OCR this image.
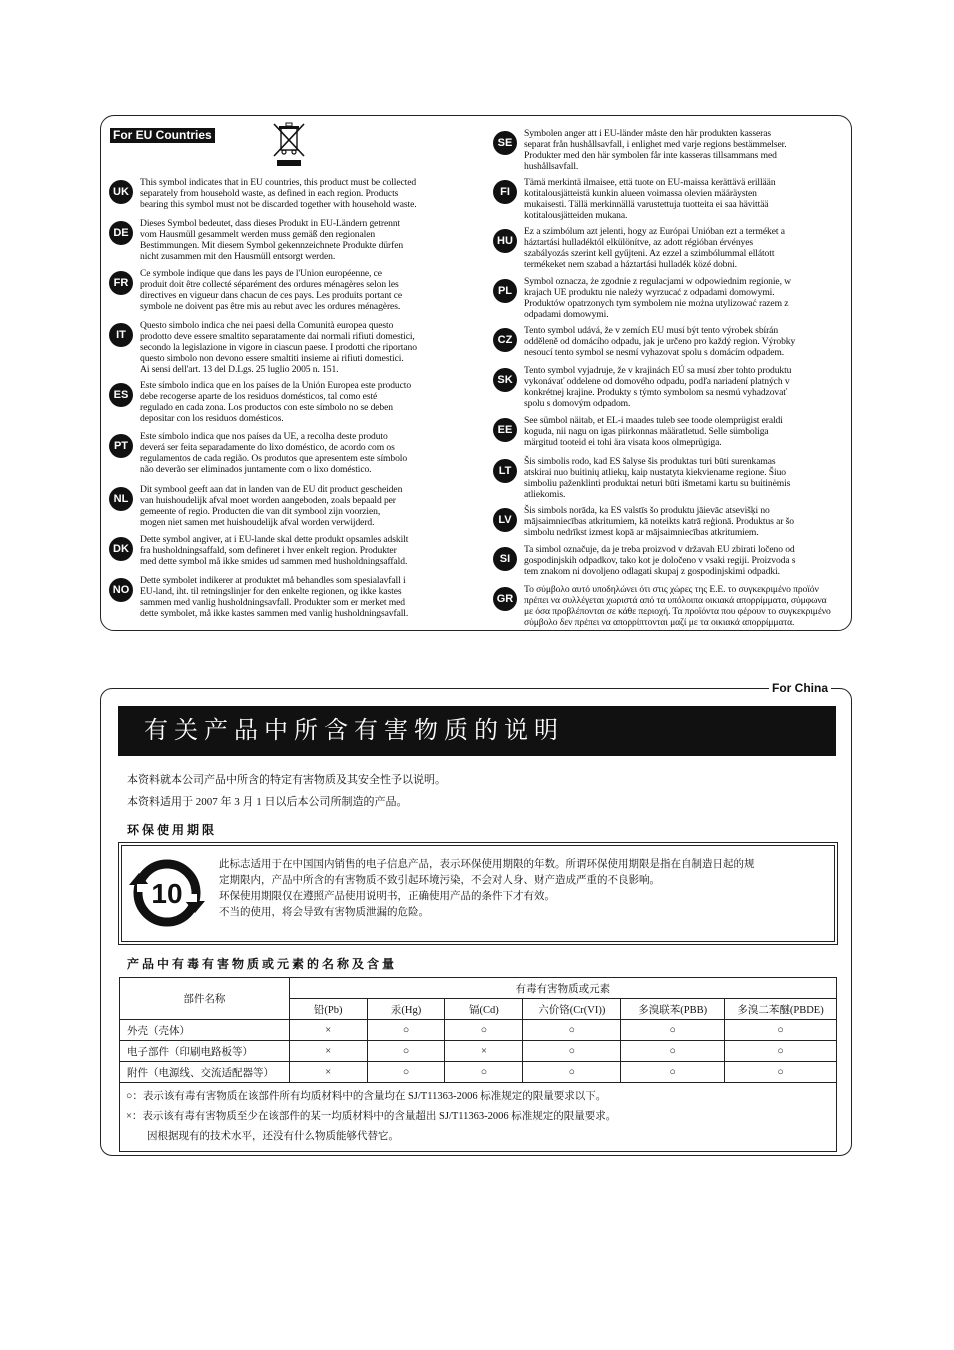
For EU Countries
UK
This symbol indicates that in EU countries, this product must be collected
separately from household waste, as defined in each region. Products
bearing this symbol must not be discarded together with household waste.
DE
Dieses Symbol bedeutet, dass dieses Produkt in EU-Ländern getrennt
vom Hausmüll gesammelt werden muss gemäß den regionalen
Bestimmungen. Mit diesem Symbol gekennzeichnete Produkte dürfen
nicht zusammen mit den Hausmüll entsorgt werden.
FR
Ce symbole indique que dans les pays de l'Union européenne, ce
produit doit être collecté séparément des ordures ménagères selon les
directives en vigueur dans chacun de ces pays. Les produits portant ce
symbole ne doivent pas être mis au rebut avec les ordures ménagères.
IT
Questo simbolo indica che nei paesi della Comunità europea questo
prodotto deve essere smaltito separatamente dai normali rifiuti domestici,
secondo la legislazione in vigore in ciascun paese. I prodotti che riportano
questo simbolo non devono essere smaltiti insieme ai rifiuti domestici.
Ai sensi dell'art. 13 del D.Lgs. 25 luglio 2005 n. 151.
ES
Este símbolo indica que en los países de la Unión Europea este producto
debe recogerse aparte de los residuos domésticos, tal como esté
regulado en cada zona. Los productos con este símbolo no se deben
depositar con los residuos domésticos.
PT
Este símbolo indica que nos países da UE, a recolha deste produto
deverá ser feita separadamente do lixo doméstico, de acordo com os
regulamentos de cada região. Os produtos que apresentem este símbolo
não deverão ser eliminados juntamente com o lixo doméstico.
NL
Dit symbool geeft aan dat in landen van de EU dit product gescheiden
van huishoudelijk afval moet worden aangeboden, zoals bepaald per
gemeente of regio. Producten die van dit symbool zijn voorzien,
mogen niet samen met huishoudelijk afval worden verwijderd.
DK
Dette symbol angiver, at i EU-lande skal dette produkt opsamles adskilt
fra husholdningsaffald, som defineret i hver enkelt region. Produkter
med dette symbol må ikke smides ud sammen med husholdningsaffald.
NO
Dette symbolet indikerer at produktet må behandles som spesialavfall i
EU-land, iht. til retningslinjer for den enkelte regionen, og ikke kastes
sammen med vanlig husholdningsavfall. Produkter som er merket med
dette symbolet, må ikke kastes sammen med vanlig husholdningsavfall.
SE
Symbolen anger att i EU-länder måste den här produkten kasseras
separat från hushållsavfall, i enlighet med varje regions bestämmelser.
Produkter med den här symbolen får inte kasseras tillsammans med
hushållsavfall.
FI
Tämä merkintä ilmaisee, että tuote on EU-maissa kerättävä erillään
kotitalousjätteistä kunkin alueen voimassa olevien määräysten
mukaisesti. Tällä merkinnällä varustettuja tuotteita ei saa hävittää
kotitalousjätteiden mukana.
HU
Ez a szimbólum azt jelenti, hogy az Európai Unióban ezt a terméket a
háztartási hulladéktól elkülönítve, az adott régióban érvényes
szabályozás szerint kell gyűjteni. Az ezzel a szimbólummal ellátott
termékeket nem szabad a háztartási hulladék közé dobni.
PL
Symbol oznacza, że zgodnie z regulacjami w odpowiednim regionie, w
krajach UE produktu nie należy wyrzucać z odpadami domowymi.
Produktów opatrzonych tym symbolem nie można utylizować razem z
odpadami domowymi.
CZ
Tento symbol udává, že v zemích EU musí být tento výrobek sbírán
odděleně od domácího odpadu, jak je určeno pro každý region. Výrobky
nesoucí tento symbol se nesmí vyhazovat spolu s domácím odpadem.
SK
Tento symbol vyjadruje, že v krajinách EÚ sa musí zber tohto produktu
vykonávať oddelene od domového odpadu, podľa nariadení platných v
konkrétnej krajine. Produkty s týmto symbolom sa nesmú vyhadzovať
spolu s domovým odpadom.
EE
See sümbol näitab, et EL-i maades tuleb see toode olemprügist eraldi
koguda, nii nagu on igas piirkonnas määratletud. Selle sümboliga
märgitud tooteid ei tohi ära visata koos olmeprügiga.
LT
Šis simbolis rodo, kad ES šalyse šis produktas turi būti surenkamas
atskirai nuo buitinių atliekų, kaip nustatyta kiekviename regione. Šiuo
simboliu paženklinti produktai neturi būti išmetami kartu su buitinėmis
atliekomis.
LV
Šis simbols norāda, ka ES valstīs šo produktu jāievāc atsevišķi no
mājsaimniecības atkritumiem, kā noteikts katrā reģionā. Produktus ar šo
simbolu nedrīkst izmest kopā ar mājsaimniecības atkritumiem.
SI
Ta simbol označuje, da je treba proizvod v državah EU zbirati ločeno od
gospodinjskih odpadkov, tako kot je določeno v vsaki regiji. Proizvoda s
tem znakom ni dovoljeno odlagati skupaj z gospodinjskimi odpadki.
GR
Το σύμβολο αυτό υποδηλώνει ότι στις χώρες της Ε.Ε. το συγκεκριμένο προϊόν
πρέπει να συλλέγεται χωριστά από τα υπόλοιπα οικιακά απορρίμματα, σύμφωνα
με όσα προβλέπονται σε κάθε περιοχή. Τα προϊόντα που φέρουν το συγκεκριμένο
σύμβολο δεν πρέπει να απορρίπτονται μαζί με τα οικιακά απορρίμματα.
For China
有关产品中所含有害物质的说明
本资料就本公司产品中所含的特定有害物质及其安全性予以说明。
本资料适用于 2007 年 3 月 1 日以后本公司所制造的产品。
环保使用期限
10
此标志适用于在中国国内销售的电子信息产品，表示环保使用期限的年数。所谓环保使用期限是指在自制造日起的规
定期限内，产品中所含的有害物质不致引起环境污染，不会对人身、财产造成严重的不良影响。
环保使用期限仅在遵照产品使用说明书，正确使用产品的条件下才有效。
不当的使用，将会导致有害物质泄漏的危险。
产品中有毒有害物质或元素的名称及含量
部件名称	有毒有害物质或元素					
	铅(Pb)	汞(Hg)	镉(Cd)	六价铬(Cr(VI))	多溴联苯(PBB)	多溴二苯醚(PBDE)
外壳（壳体）	×	○	○	○	○	○
电子部件（印刷电路板等）	×	○	×	○	○	○
附件（电源线、交流适配器等）	×	○	○	○	○	○

○：表示该有毒有害物质在该部件所有均质材料中的含量均在 SJ/T11363-2006 标准规定的限量要求以下。
×：表示该有毒有害物质至少在该部件的某一均质材料中的含量超出 SJ/T11363-2006 标准规定的限量要求。
　　因根据现有的技术水平，还没有什么物质能够代替它。						
